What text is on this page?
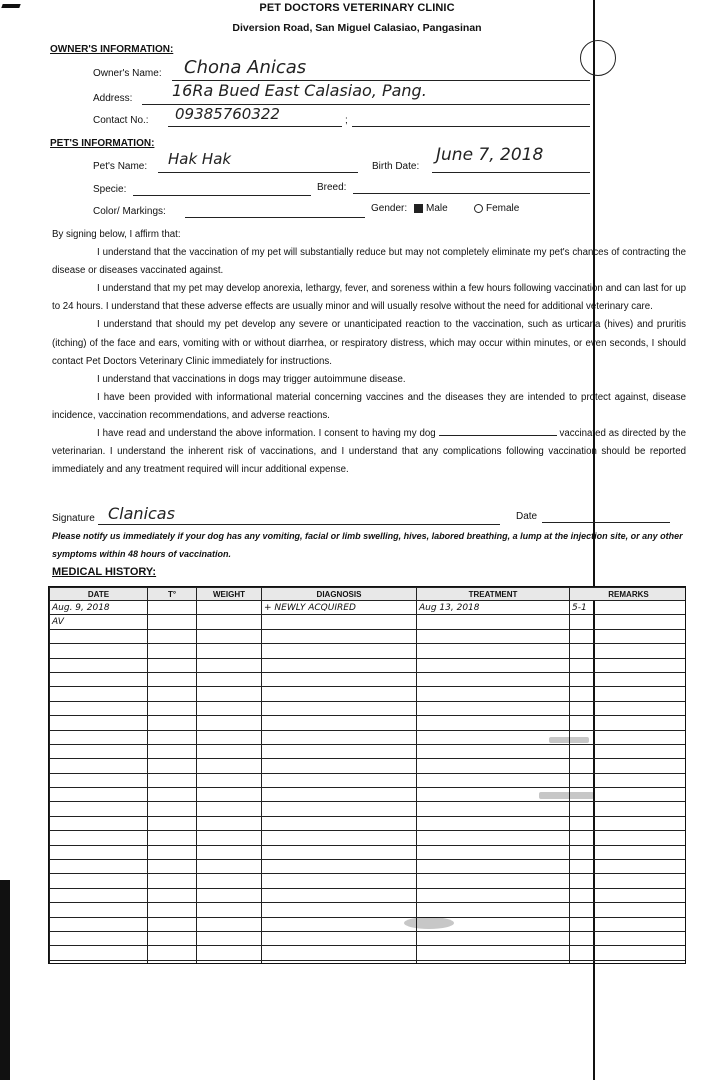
PET DOCTORS VETERINARY CLINIC
Diversion Road, San Miguel Calasiao, Pangasinan
OWNER'S INFORMATION:
Owner's Name: Chona Anicas
Address: 16Ra Bued East Calasiao, Pang.
Contact No.: 09385760322	;
PET'S INFORMATION:
Pet's Name: Hak Hak	Birth Date:
June 7, 2018
Specie:	Breed:
Color/ Markings:	Gender:	Male	Female

By signing below, I affirm that:

I understand that the vaccination of my pet will substantially reduce but may not completely eliminate my pet's chances of contracting the disease or diseases vaccinated against.

I understand that my pet may develop anorexia, lethargy, fever, and soreness within a few hours following vaccination and can last for up to 24 hours. I understand that these adverse effects are usually minor and will usually resolve without the need for additional veterinary care.

I understand that should my pet develop any severe or unanticipated reaction to the vaccination, such as urticaria (hives) and pruritis (itching) of the face and ears, vomiting with or without diarrhea, or respiratory distress, which may occur within minutes, or even seconds, I should contact Pet Doctors Veterinary Clinic immediately for instructions.

I understand that vaccinations in dogs may trigger autoimmune disease.

I have been provided with informational material concerning vaccines and the diseases they are intended to protect against, disease incidence, vaccination recommendations, and adverse reactions.

I have read and understand the above information. I consent to having my dog	vaccinated as directed by the veterinarian. I understand the inherent risk of vaccinations, and I understand that any complications following vaccination should be reported immediately and any treatment required will incur additional expense.

Signature Clanicas	Date
Please notify us immediately if your dog has any vomiting, facial or limb swelling, hives, labored breathing, a lump at the injection site, or any other symptoms within 48 hours of vaccination.
MEDICAL HISTORY:
DATE	T°	WEIGHT	DIAGNOSIS	TREATMENT	REMARKS
Aug. 9, 2018			+ NEWLY ACQUIRED	Aug 13, 2018	5-1
AV					
